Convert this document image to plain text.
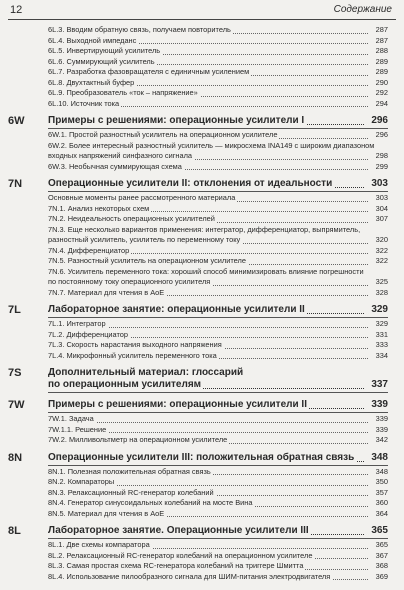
12	Содержание
6L.3. Вводим обратную связь, получаем повторитель	287
6L.4. Выходной импеданс	287
6L.5. Инвертирующий усилитель	288
6L.6. Суммирующий усилитель	289
6L.7. Разработка фазовращателя с единичным усилением	289
6L.8. Двухтактный буфер	290
6L.9. Преобразователь «ток – напряжение»	292
6L.10. Источник тока	294
6W Примеры с решениями: операционные усилители I	296
6W.1. Простой разностный усилитель на операционном усилителе	296
6W.2. Более интересный разностный усилитель — микросхема INA149 с широким диапазоном
входных напряжений синфазного сигнала	298
6W.3. Необычная суммирующая схема	299
7N	Операционные усилители II: отклонения от идеальности	303
Основные моменты ранее рассмотренного материала	303
7N.1. Анализ некоторых схем	304
7N.2. Неидеальность операционных усилителей	307
7N.3. Еще несколько вариантов применения: интегратор, дифференциатор, выпрямитель,
разностный усилитель, усилитель по переменному току	320
7N.4. Дифференциатор	322
7N.5. Разностный усилитель на операционном усилителе	322
7N.6. Усилитель переменного тока: хороший способ минимизировать влияние погрешности
по постоянному току операционного усилителя	325
7N.7. Материал для чтения в AoE	328
7L	Лабораторное занятие: операционные усилители II	329
7L.1. Интегратор	329
7L.2. Дифференциатор	331
7L.3. Скорость нарастания выходного напряжения	333
7L.4. Микрофонный усилитель переменного тока	334
7S	Дополнительный материал: глоссарий
по операционным усилителям	337
7W Примеры с решениями: операционные усилители II	339
7W.1. Задача	339
7W.1.1. Решение	339
7W.2. Милливольтметр на операционном усилителе	342
8N	Операционные усилители III: положительная обратная связь 348
8N.1. Полезная положительная обратная связь	348
8N.2. Компараторы	350
8N.3. Релаксационный RC-генератор колебаний	357
8N.4. Генератор синусоидальных колебаний на мосте Вина	360
8N.5. Материал для чтения в AoE	364
8L	Лабораторное занятие. Операционные усилители III	365
8L.1. Две схемы компаратора	365
8L.2. Релаксационный RC-генератор колебаний на операционном усилителе	367
8L.3. Самая простая схема RC-генератора колебаний на триггере Шмитта	368
8L.4. Использование пилообразного сигнала для ШИМ-питания электродвигателя	369
